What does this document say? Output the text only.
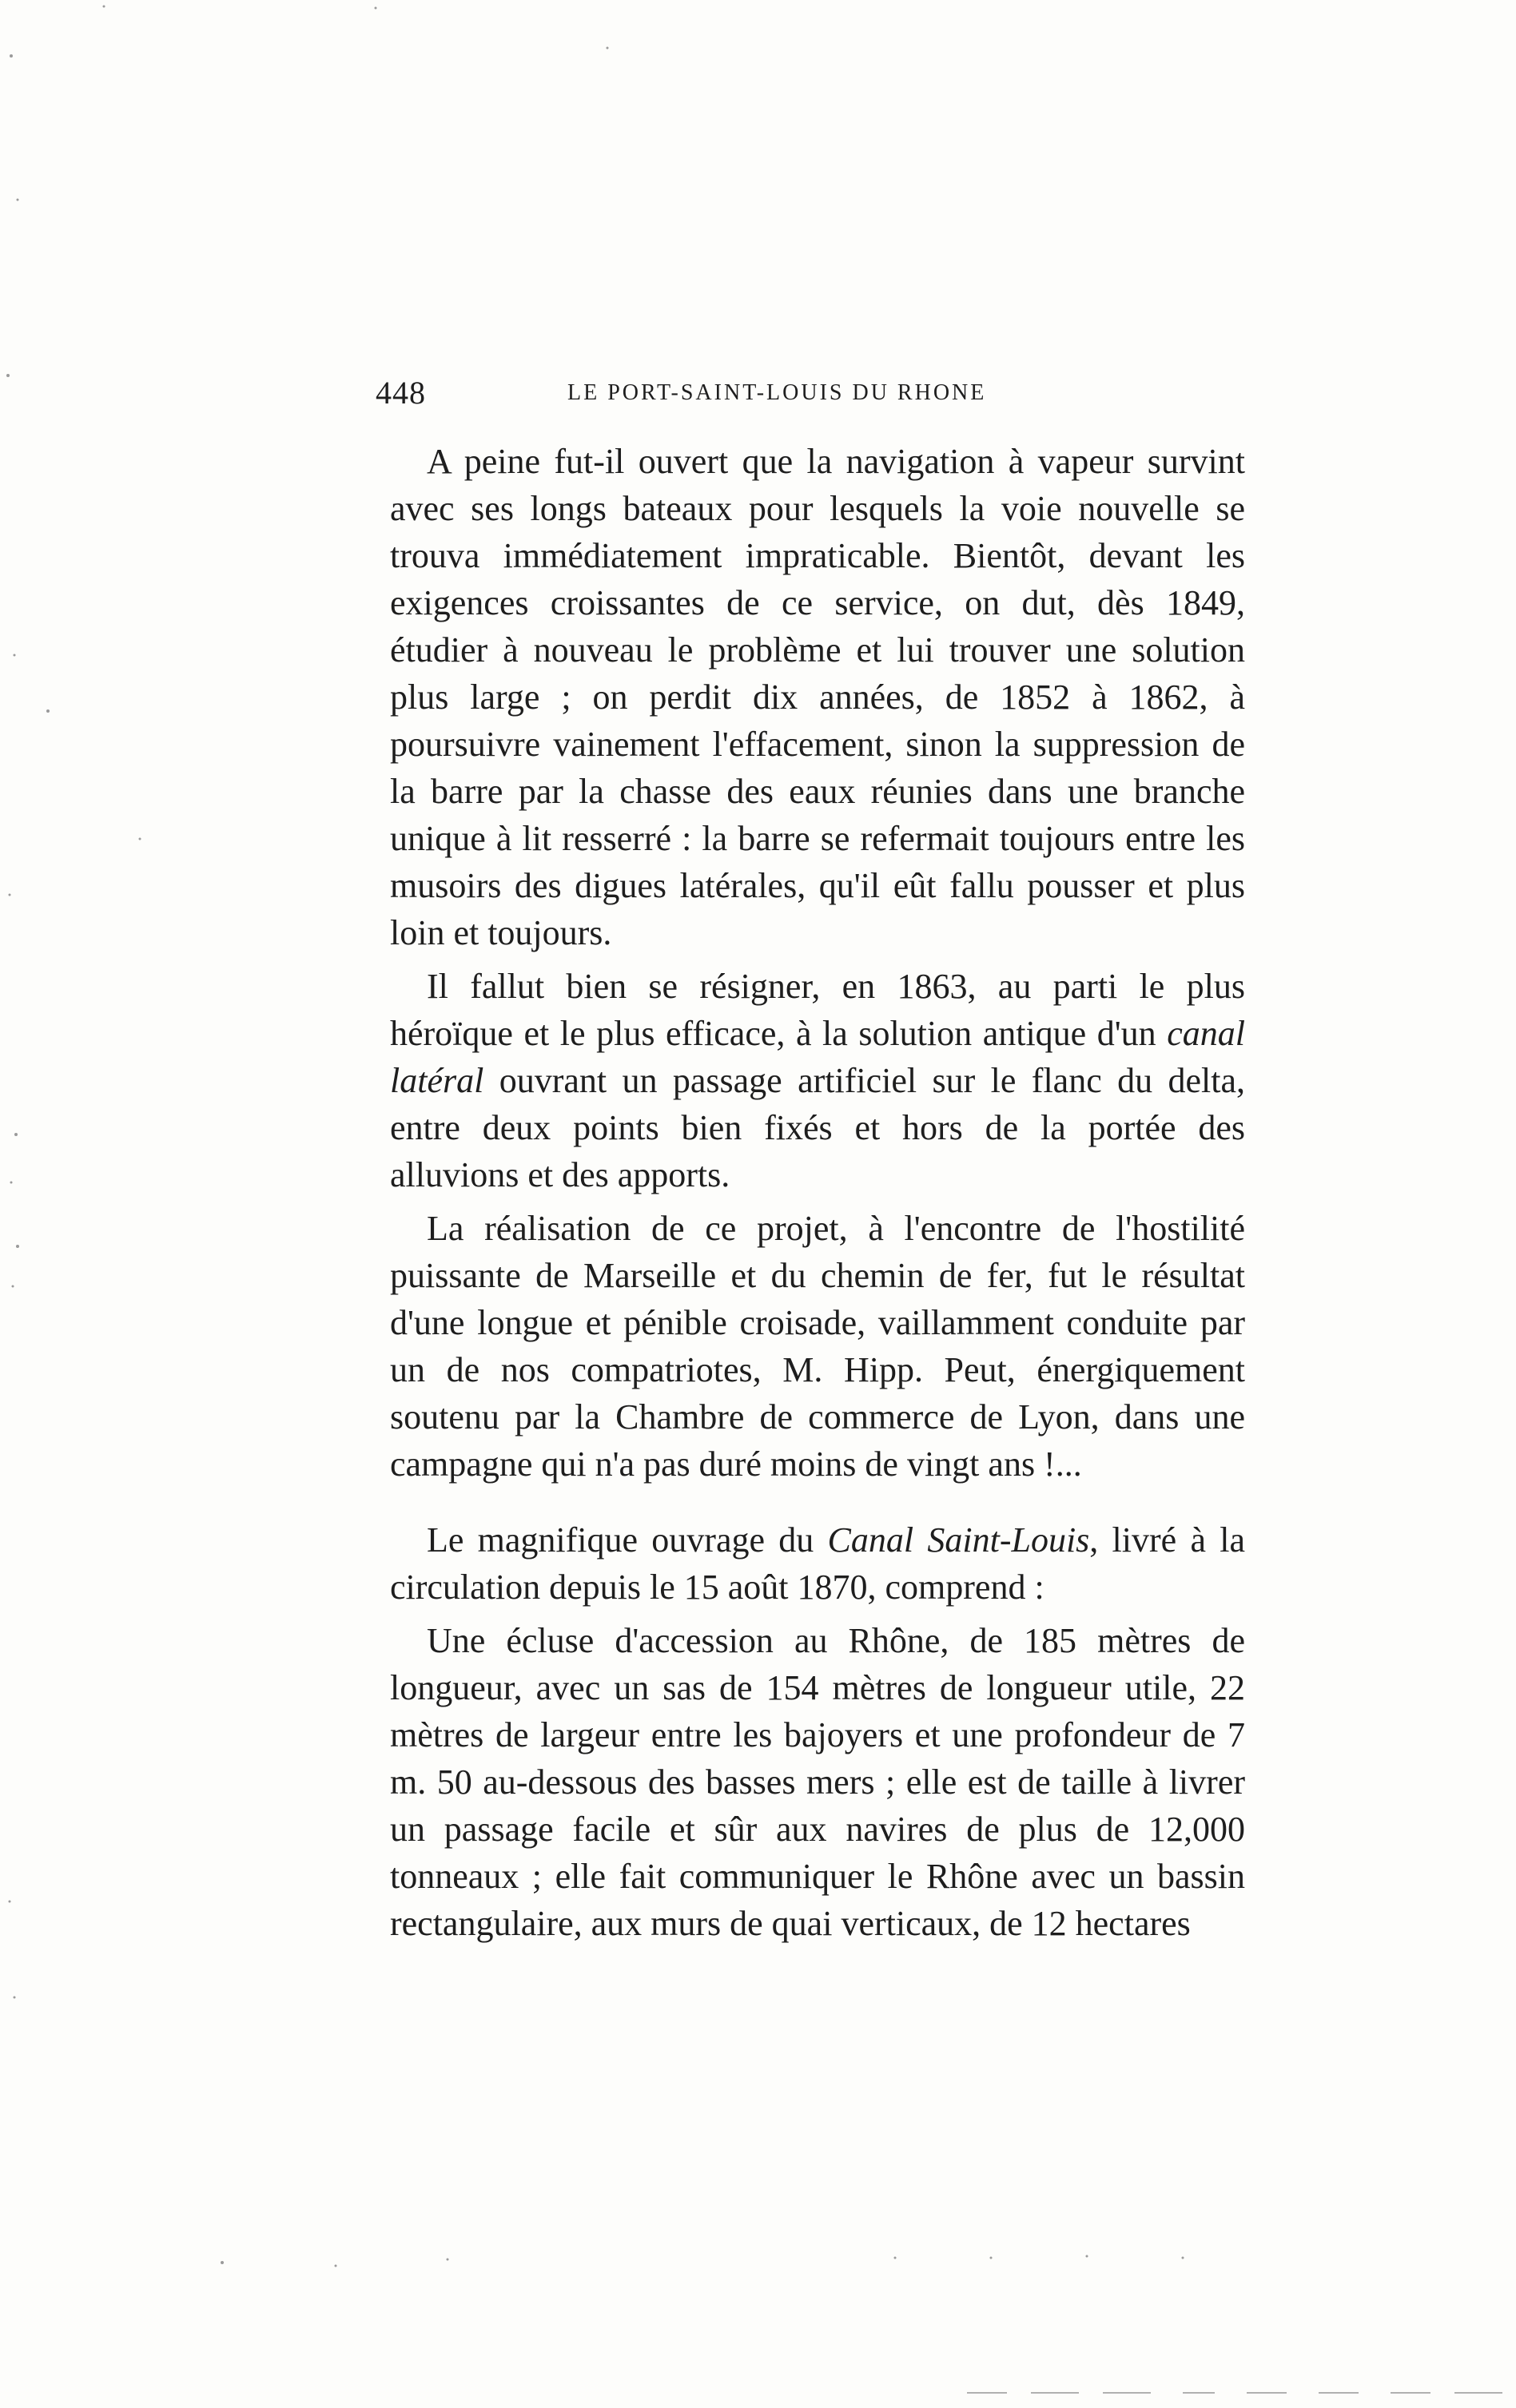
448	LE PORT-SAINT-LOUIS DU RHONE

A peine fut-il ouvert que la navigation à vapeur survint avec ses longs bateaux pour lesquels la voie nouvelle se trouva immédiatement impraticable. Bientôt, devant les exigences croissantes de ce service, on dut, dès 1849, étudier à nouveau le problème et lui trouver une solution plus large ; on perdit dix années, de 1852 à 1862, à poursuivre vainement l'effacement, sinon la suppression de la barre par la chasse des eaux réunies dans une branche unique à lit resserré : la barre se refermait toujours entre les musoirs des digues latérales, qu'il eût fallu pousser et plus loin et toujours.

Il fallut bien se résigner, en 1863, au parti le plus héroïque et le plus efficace, à la solution antique d'un canal latéral ouvrant un passage artificiel sur le flanc du delta, entre deux points bien fixés et hors de la portée des alluvions et des apports.

La réalisation de ce projet, à l'encontre de l'hostilité puissante de Marseille et du chemin de fer, fut le résultat d'une longue et pénible croisade, vaillamment conduite par un de nos compatriotes, M. Hipp. Peut, énergiquement soutenu par la Chambre de commerce de Lyon, dans une campagne qui n'a pas duré moins de vingt ans !...

Le magnifique ouvrage du Canal Saint-Louis, livré à la circulation depuis le 15 août 1870, comprend :

Une écluse d'accession au Rhône, de 185 mètres de longueur, avec un sas de 154 mètres de longueur utile, 22 mètres de largeur entre les bajoyers et une profondeur de 7 m. 50 au-dessous des basses mers ; elle est de taille à livrer un passage facile et sûr aux navires de plus de 12,000 tonneaux ; elle fait communiquer le Rhône avec un bassin rectangulaire, aux murs de quai verticaux, de 12 hectares
